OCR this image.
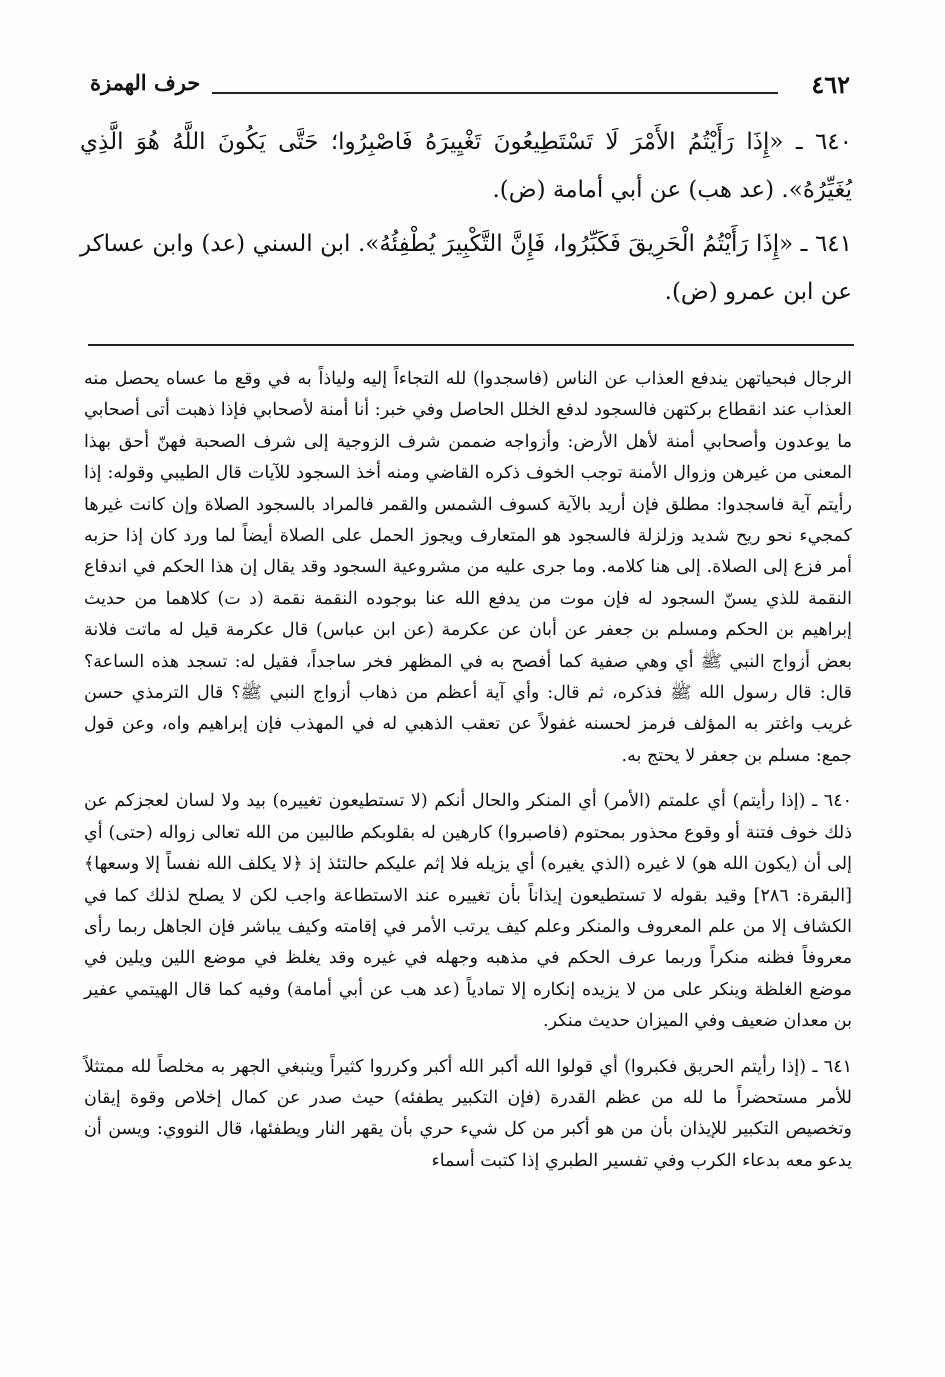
٤٦٢
حرف الهمزة

٦٤٠ ـ «إِذَا رَأَيْتُمُ الأَمْرَ لَا تَسْتَطِيعُونَ تَغْيِيرَهُ فَاصْبِرُوا؛ حَتَّى يَكُونَ اللَّهُ هُوَ الَّذِي يُغَيِّرُهُ». (عد هب) عن أبي أمامة (ض).

٦٤١ ـ «إِذَا رَأَيْتُمُ الْحَرِيقَ فَكَبِّرُوا، فَإِنَّ التَّكْبِيرَ يُطْفِئُهُ». ابن السني (عد) وابن عساكر عن ابن عمرو (ض).

الرجال فبحياتهن يندفع العذاب عن الناس (فاسجدوا) لله التجاءاً إليه ولياذاً به في وقع ما عساه يحصل منه العذاب عند انقطاع بركتهن فالسجود لدفع الخلل الحاصل وفي خبر: أنا أمنة لأصحابي فإذا ذهبت أتى أصحابي ما يوعدون وأصحابي أمنة لأهل الأرض: وأزواجه ضممن شرف الزوجية إلى شرف الصحبة فهنّ أحق بهذا المعنى من غيرهن وزوال الأمنة توجب الخوف ذكره القاضي ومنه أخذ السجود للآيات قال الطيبي وقوله: إذا رأيتم آية فاسجدوا: مطلق فإن أريد بالآية كسوف الشمس والقمر فالمراد بالسجود الصلاة وإن كانت غيرها كمجيء نحو ريح شديد وزلزلة فالسجود هو المتعارف ويجوز الحمل على الصلاة أيضاً لما ورد كان إذا حزبه أمر فزع إلى الصلاة. إلى هنا كلامه. وما جرى عليه من مشروعية السجود وقد يقال إن هذا الحكم في اندفاع النقمة للذي يسنّ السجود له فإن موت من يدفع الله عنا بوجوده النقمة نقمة (د ت) كلاهما من حديث إبراهيم بن الحكم ومسلم بن جعفر عن أبان عن عكرمة (عن ابن عباس) قال عكرمة قيل له ماتت فلانة بعض أزواج النبي ﷺ أي وهي صفية كما أفصح به في المظهر فخر ساجداً، فقيل له: تسجد هذه الساعة؟ قال: قال رسول الله ﷺ فذكره، ثم قال: وأي آية أعظم من ذهاب أزواج النبي ﷺ؟ قال الترمذي حسن غريب واغتر به المؤلف فرمز لحسنه غفولاً عن تعقب الذهبي له في المهذب فإن إبراهيم واه، وعن قول جمع: مسلم بن جعفر لا يحتج به.

٦٤٠ ـ (إذا رأيتم) أي علمتم (الأمر) أي المنكر والحال أنكم (لا تستطيعون تغييره) بيد ولا لسان لعجزكم عن ذلك خوف فتنة أو وقوع محذور بمحتوم (فاصبروا) كارهين له بقلوبكم طالبين من الله تعالى زواله (حتى) أي إلى أن (يكون الله هو) لا غيره (الذي يغيره) أي يزيله فلا إثم عليكم حالتئذ إذ ﴿لا يكلف الله نفساً إلا وسعها﴾ [البقرة: ٢٨٦] وقيد بقوله لا تستطيعون إيذاناً بأن تغييره عند الاستطاعة واجب لكن لا يصلح لذلك كما في الكشاف إلا من علم المعروف والمنكر وعلم كيف يرتب الأمر في إقامته وكيف يباشر فإن الجاهل ربما رأى معروفاً فظنه منكراً وربما عرف الحكم في مذهبه وجهله في غيره وقد يغلظ في موضع اللين ويلين في موضع الغلظة وينكر على من لا يزيده إنكاره إلا تمادياً (عد هب عن أبي أمامة) وفيه كما قال الهيتمي عفير بن معدان ضعيف وفي الميزان حديث منكر.

٦٤١ ـ (إذا رأيتم الحريق فكبروا) أي قولوا الله أكبر الله أكبر وكرروا كثيراً وينبغي الجهر به مخلصاً لله ممتثلاً للأمر مستحضراً ما لله من عظم القدرة (فإن التكبير يطفئه) حيث صدر عن كمال إخلاص وقوة إيقان وتخصيص التكبير للإيذان بأن من هو أكبر من كل شيء حري بأن يقهر النار ويطفئها، قال النووي: ويسن أن يدعو معه بدعاء الكرب وفي تفسير الطبري إذا كتبت أسماء
